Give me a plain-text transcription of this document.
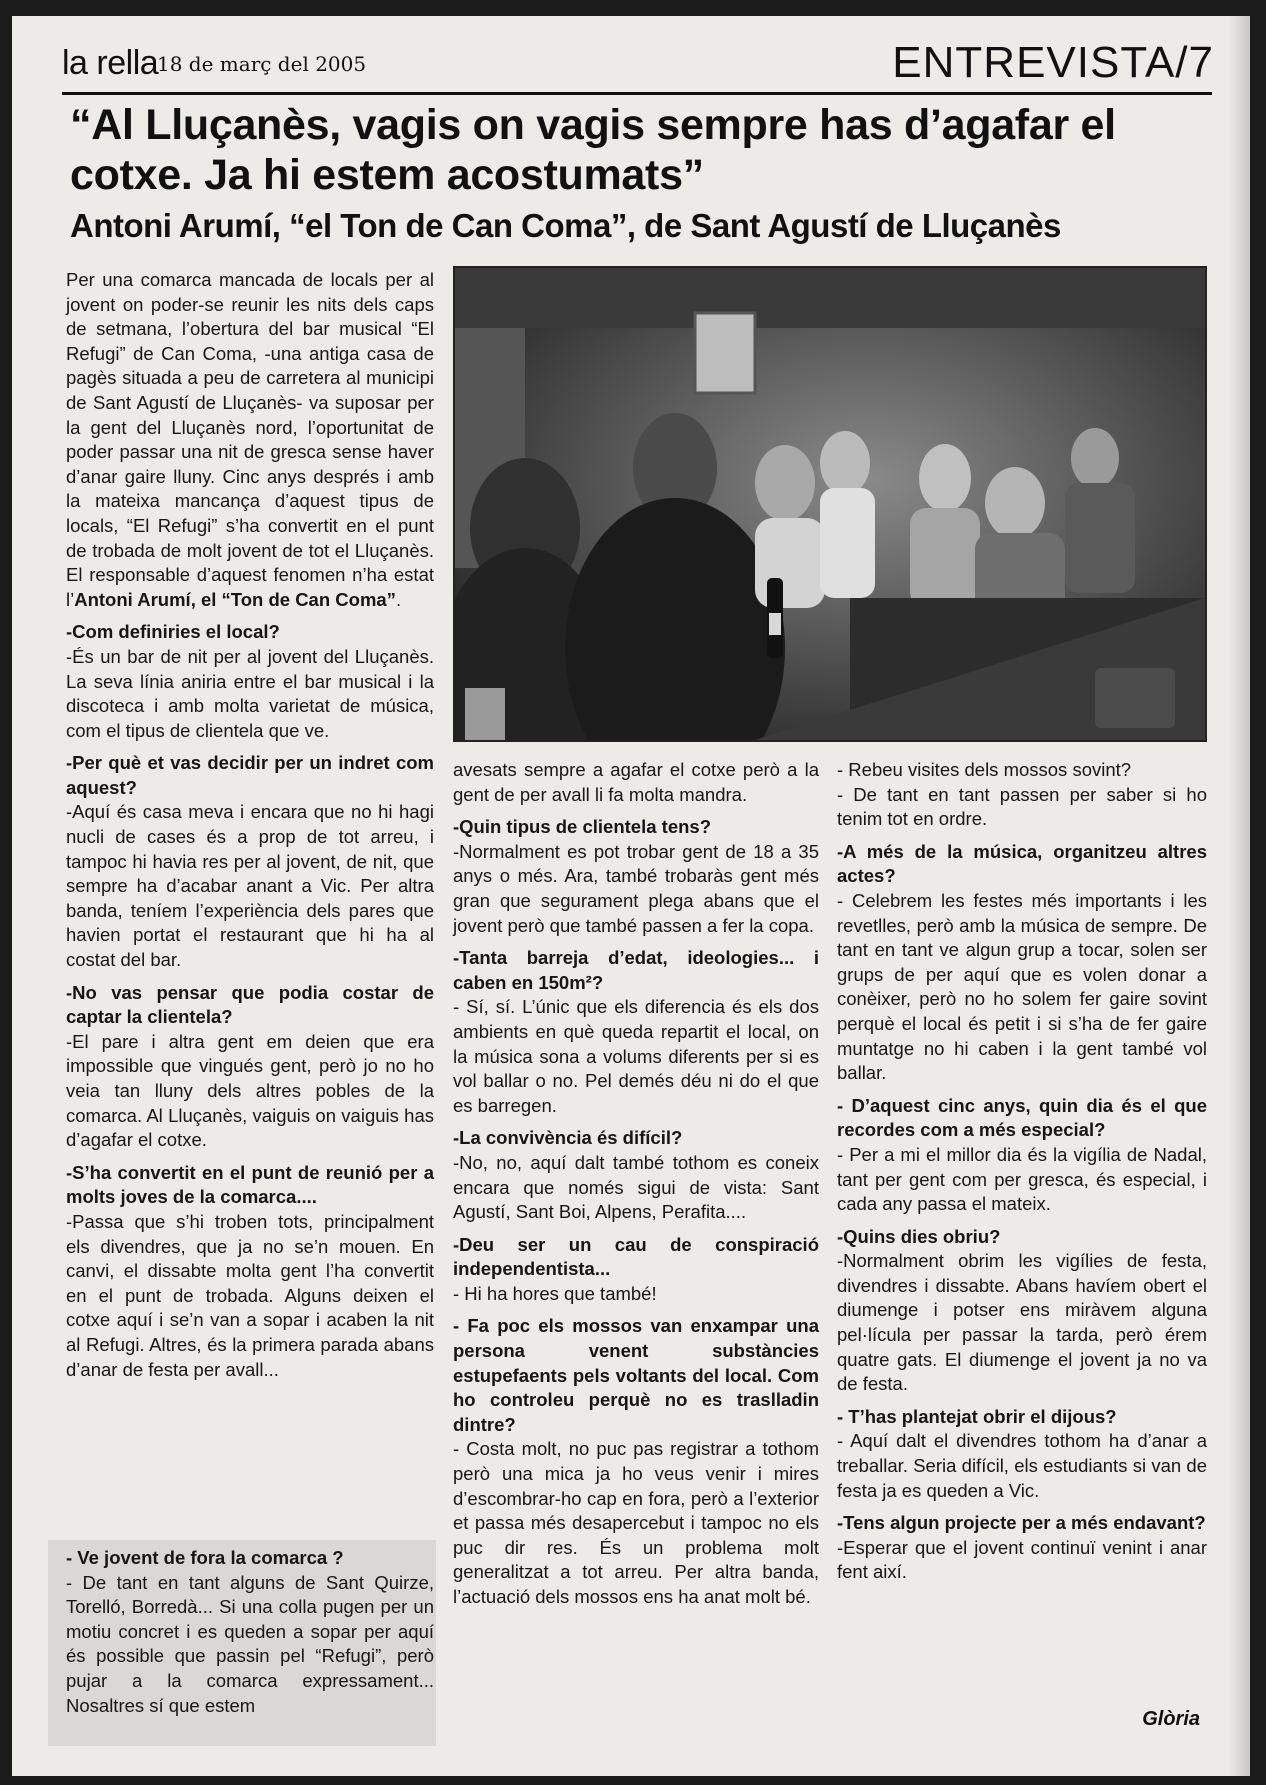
la rella
18 de març del 2005	ENTREVISTA/7
“Al Lluçanès, vagis on vagis sempre has d’agafar el cotxe. Ja hi estem acostumats”
Antoni Arumí, “el Ton de Can Coma”, de Sant Agustí de Lluçanès

Per una comarca mancada de locals per al jovent on poder-se reunir les nits dels caps de setmana, l’obertura del bar musical “El Refugi” de Can Coma, -una antiga casa de pagès situada a peu de carretera al municipi de Sant Agustí de Lluçanès- va suposar per la gent del Lluçanès nord, l’oportunitat de poder passar una nit de gresca sense haver d’anar gaire lluny. Cinc anys després i amb la mateixa mancança d’aquest tipus de locals, “El Refugi” s’ha convertit en el punt de trobada de molt jovent de tot el Lluçanès. El responsable d’aquest fenomen n’ha estat l’Antoni Arumí, el “Ton de Can Coma”.

-Com definiries el local?
-És un bar de nit per al jovent del Lluçanès. La seva línia aniria entre el bar musical i la discoteca i amb molta varietat de música, com el tipus de clientela que ve.

-Per què et vas decidir per un indret com aquest?
-Aquí és casa meva i encara que no hi hagi nucli de cases és a prop de tot arreu, i tampoc hi havia res per al jovent, de nit, que sempre ha d’acabar anant a Vic. Per altra banda, teníem l’experiència dels pares que havien portat el restaurant que hi ha al costat del bar.

-No vas pensar que podia costar de captar la clientela?
-El pare i altra gent em deien que era impossible que vingués gent, però jo no ho veia tan lluny dels altres pobles de la comarca. Al Lluçanès, vaiguis on vaiguis has d’agafar el cotxe.

-S’ha convertit en el punt de reunió per a molts joves de la comarca....
-Passa que s’hi troben tots, principalment els divendres, que ja no se’n mouen. En canvi, el dissabte molta gent l’ha convertit en el punt de trobada. Alguns deixen el cotxe aquí i se’n van a sopar i acaben la nit al Refugi. Altres, és la primera parada abans d’anar de festa per avall...

- Ve jovent de fora la comarca ?
- De tant en tant alguns de Sant Quirze, Torelló, Borredà... Si una colla pugen per un motiu concret i es queden a sopar per aquí és possible que passin pel “Refugi”, però pujar a la comarca expressament... Nosaltres sí que estem

avesats sempre a agafar el cotxe però a la gent de per avall li fa molta mandra.

-Quin tipus de clientela tens?
-Normalment es pot trobar gent de 18 a 35 anys o més. Ara, també trobaràs gent més gran que segurament plega abans que el jovent però que també passen a fer la copa.

-Tanta barreja d’edat, ideologies... i caben en 150m²?
- Sí, sí. L’únic que els diferencia és els dos ambients en què queda repartit el local, on la música sona a volums diferents per si es vol ballar o no. Pel demés déu ni do el que es barregen.

-La convivència és difícil?
-No, no, aquí dalt també tothom es coneix encara que només sigui de vista: Sant Agustí, Sant Boi, Alpens, Perafita....

-Deu ser un cau de conspiració independentista...
- Hi ha hores que també!

- Fa poc els mossos van enxampar una persona venent substàncies estupefaents pels voltants del local. Com ho controleu perquè no es traslladin dintre?
- Costa molt, no puc pas registrar a tothom però una mica ja ho veus venir i mires d’escombrar-ho cap en fora, però a l’exterior et passa més desapercebut i tampoc no els puc dir res. És un problema molt generalitzat a tot arreu. Per altra banda, l’actuació dels mossos ens ha anat molt bé.

- Rebeu visites dels mossos sovint?
- De tant en tant passen per saber si ho tenim tot en ordre.

-A més de la música, organitzeu altres actes?
- Celebrem les festes més importants i les revetlles, però amb la música de sempre. De tant en tant ve algun grup a tocar, solen ser grups de per aquí que es volen donar a conèixer, però no ho solem fer gaire sovint perquè el local és petit i si s’ha de fer gaire muntatge no hi caben i la gent també vol ballar.

- D’aquest cinc anys, quin dia és el que recordes com a més especial?
- Per a mi el millor dia és la vigília de Nadal, tant per gent com per gresca, és especial, i cada any passa el mateix.

-Quins dies obriu?
-Normalment obrim les vigílies de festa, divendres i dissabte. Abans havíem obert el diumenge i potser ens miràvem alguna pel·lícula per passar la tarda, però érem quatre gats. El diumenge el jovent ja no va de festa.

- T’has plantejat obrir el dijous?
- Aquí dalt el divendres tothom ha d’anar a treballar. Seria difícil, els estudiants si van de festa ja es queden a Vic.

-Tens algun projecte per a més endavant?
-Esperar que el jovent continuï venint i anar fent així.

Glòria
